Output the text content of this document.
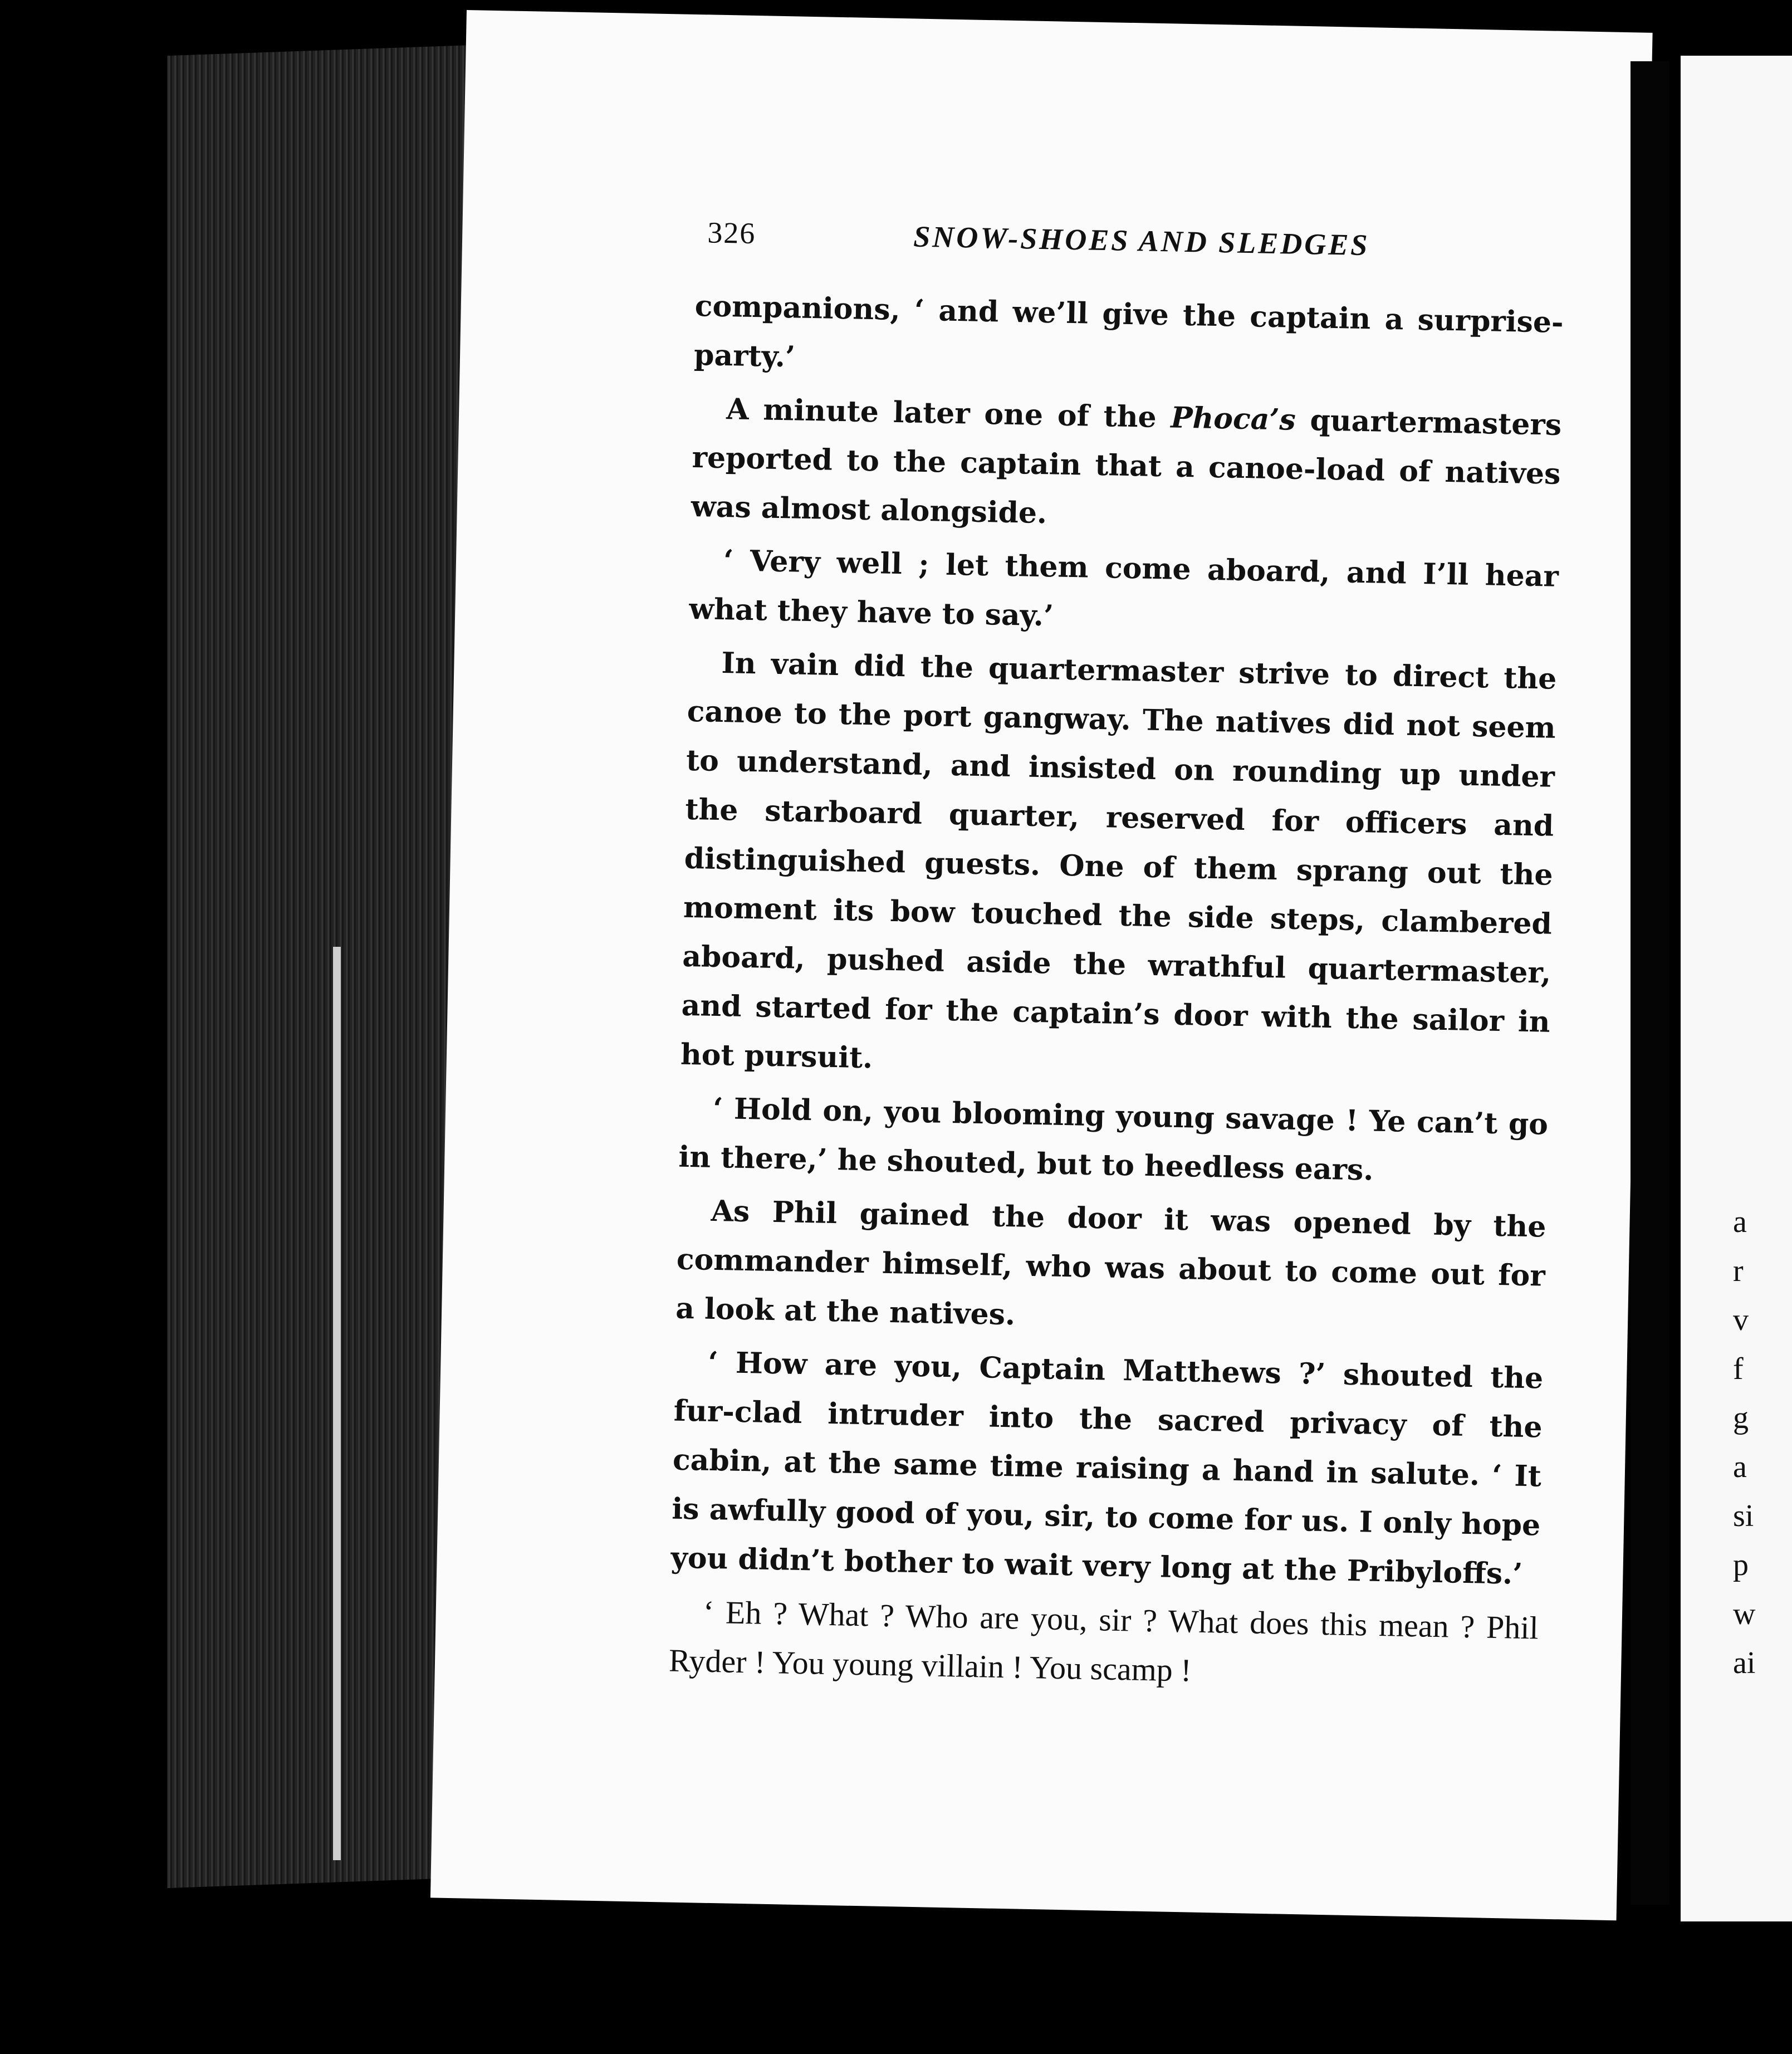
326	SNOW-SHOES AND SLEDGES

companions, ‘ and we’ll give the captain a surprise-party.’

A minute later one of the Phoca’s quartermasters reported to the captain that a canoe-load of natives was almost alongside.

‘ Very well ; let them come aboard, and I’ll hear what they have to say.’

In vain did the quartermaster strive to direct the canoe to the port gangway. The natives did not seem to understand, and insisted on rounding up under the starboard quarter, reserved for officers and distinguished guests. One of them sprang out the moment its bow touched the side steps, clambered aboard, pushed aside the wrathful quartermaster, and started for the captain’s door with the sailor in hot pursuit.

‘ Hold on, you blooming young savage ! Ye can’t go in there,’ he shouted, but to heedless ears.

As Phil gained the door it was opened by the commander himself, who was about to come out for a look at the natives.

‘ How are you, Captain Matthews ?’ shouted the fur-clad intruder into the sacred privacy of the cabin, at the same time raising a hand in salute. ‘ It is awfully good of you, sir, to come for us. I only hope you didn’t bother to wait very long at the Pribyloffs.’

‘ Eh ? What ? Who are you, sir ? What does this mean ? Phil Ryder ! You young villain ! You scamp !

a
r
v
f
g
a
si
p
w
ai
